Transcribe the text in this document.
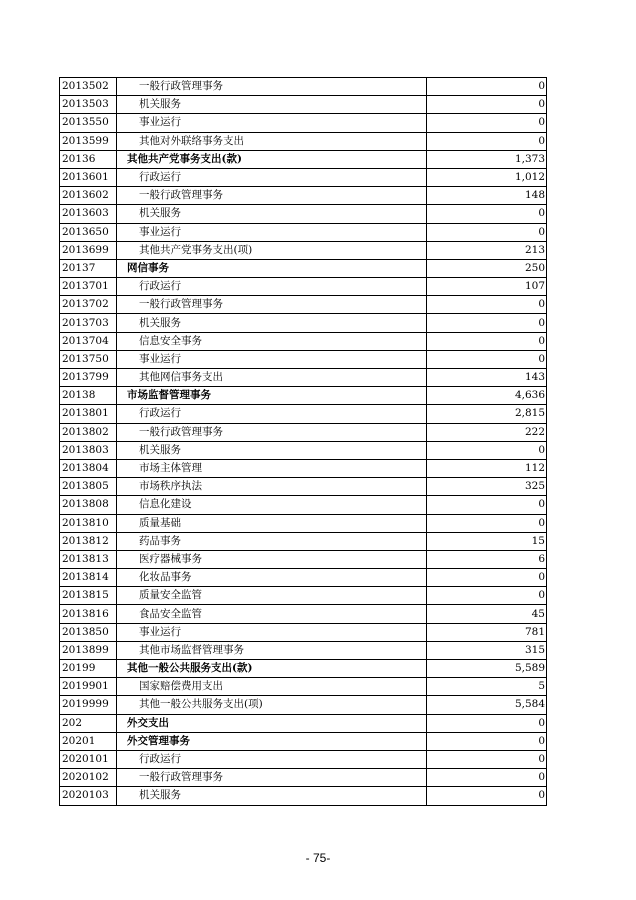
2013502	一般行政管理事务	0
2013503	机关服务	0
2013550	事业运行	0
2013599	其他对外联络事务支出	0
20136	其他共产党事务支出(款)	1,373
2013601	行政运行	1,012
2013602	一般行政管理事务	148
2013603	机关服务	0
2013650	事业运行	0
2013699	其他共产党事务支出(项)	213
20137	网信事务	250
2013701	行政运行	107
2013702	一般行政管理事务	0
2013703	机关服务	0
2013704	信息安全事务	0
2013750	事业运行	0
2013799	其他网信事务支出	143
20138	市场监督管理事务	4,636
2013801	行政运行	2,815
2013802	一般行政管理事务	222
2013803	机关服务	0
2013804	市场主体管理	112
2013805	市场秩序执法	325
2013808	信息化建设	0
2013810	质量基础	0
2013812	药品事务	15
2013813	医疗器械事务	6
2013814	化妆品事务	0
2013815	质量安全监管	0
2013816	食品安全监管	45
2013850	事业运行	781
2013899	其他市场监督管理事务	315
20199	其他一般公共服务支出(款)	5,589
2019901	国家赔偿费用支出	5
2019999	其他一般公共服务支出(项)	5,584
202	外交支出	0
20201	外交管理事务	0
2020101	行政运行	0
2020102	一般行政管理事务	0
2020103	机关服务	0
- 75-
